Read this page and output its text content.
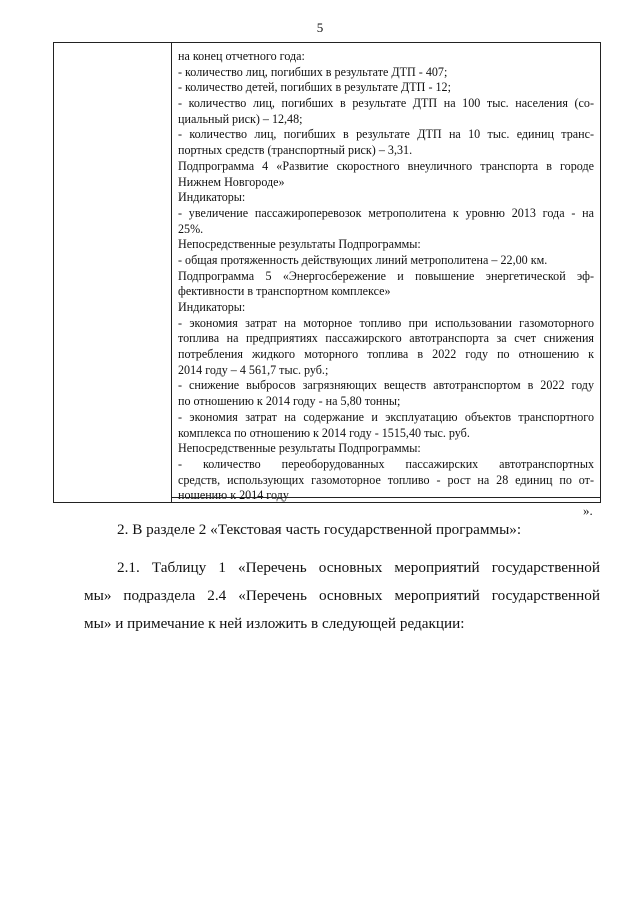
5
на конец отчетного года:
- количество лиц, погибших в результате ДТП - 407;
- количество детей, погибших в результате ДТП - 12;
- количество лиц, погибших в результате ДТП на 100 тыс. населения (со-
циальный риск) – 12,48;
- количество лиц, погибших в результате ДТП на 10 тыс. единиц транс-
портных средств (транспортный риск) – 3,31.
Подпрограмма 4 «Развитие скоростного внеуличного транспорта в городе
Нижнем Новгороде»
Индикаторы:
- увеличение пассажироперевозок метрополитена к уровню 2013 года - на
25%.
Непосредственные результаты Подпрограммы:
- общая протяженность действующих линий метрополитена – 22,00 км.
Подпрограмма 5 «Энергосбережение и повышение энергетической эф-
фективности в транспортном комплексе»
Индикаторы:
- экономия затрат на моторное топливо при использовании газомоторного
топлива на предприятиях пассажирского автотранспорта за счет снижения
потребления жидкого моторного топлива в 2022 году по отношению к
2014 году – 4 561,7 тыс. руб.;
- снижение выбросов загрязняющих веществ автотранспортом в 2022 году
по отношению к 2014 году - на 5,80 тонны;
- экономия затрат на содержание и эксплуатацию объектов транспортного
комплекса по отношению к 2014 году - 1515,40 тыс. руб.
Непосредственные результаты Подпрограммы:
- количество переоборудованных пассажирских автотранспортных
средств, использующих газомоторное топливо - рост на 28 единиц по от-
ношению к 2014 году
».
2. В разделе 2 «Текстовая часть государственной программы»:
2.1. Таблицу 1 «Перечень основных мероприятий государственной
мы» подраздела 2.4 «Перечень основных мероприятий государственной
мы» и примечание к ней изложить в следующей редакции:
